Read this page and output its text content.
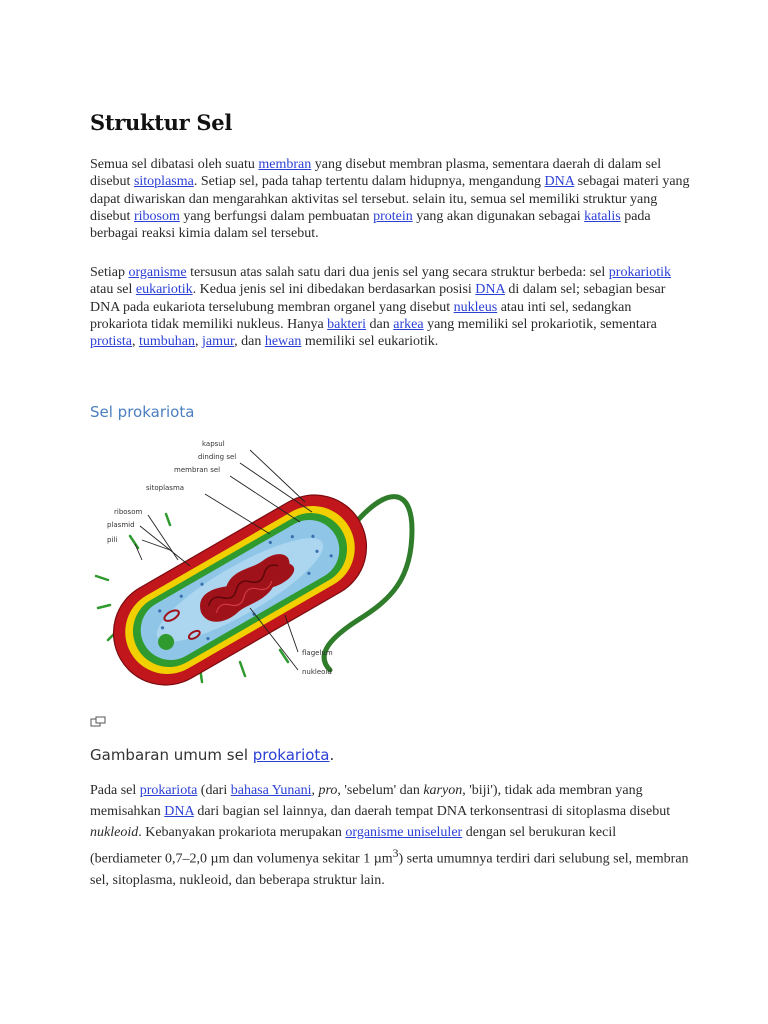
Struktur Sel

Semua sel dibatasi oleh suatu membran yang disebut membran plasma, sementara daerah di dalam sel disebut sitoplasma. Setiap sel, pada tahap tertentu dalam hidupnya, mengandung DNA sebagai materi yang dapat diwariskan dan mengarahkan aktivitas sel tersebut. selain itu, semua sel memiliki struktur yang disebut ribosom yang berfungsi dalam pembuatan protein yang akan digunakan sebagai katalis pada berbagai reaksi kimia dalam sel tersebut.

Setiap organisme tersusun atas salah satu dari dua jenis sel yang secara struktur berbeda: sel prokariotik atau sel eukariotik. Kedua jenis sel ini dibedakan berdasarkan posisi DNA di dalam sel; sebagian besar DNA pada eukariota terselubung membran organel yang disebut nukleus atau inti sel, sedangkan prokariota tidak memiliki nukleus. Hanya bakteri dan arkea yang memiliki sel prokariotik, sementara protista, tumbuhan, jamur, dan hewan memiliki sel eukariotik.

Sel prokariota
kapsul
dinding sel
membran sel
sitoplasma
ribosom
plasmid
pili
flagelum
nukleoid

Gambaran umum sel prokariota.

Pada sel prokariota (dari bahasa Yunani, pro, 'sebelum' dan karyon, 'biji'), tidak ada membran yang memisahkan DNA dari bagian sel lainnya, dan daerah tempat DNA terkonsentrasi di sitoplasma disebut nukleoid. Kebanyakan prokariota merupakan organisme uniseluler dengan sel berukuran kecil (berdiameter 0,7–2,0 µm dan volumenya sekitar 1 µm$^3$) serta umumnya terdiri dari selubung sel, membran sel, sitoplasma, nukleoid, dan beberapa struktur lain.
